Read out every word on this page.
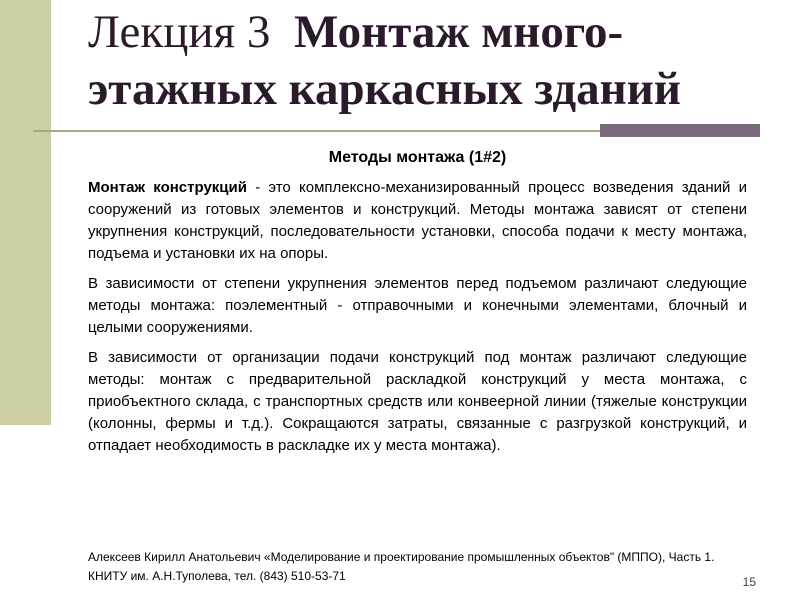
Лекция 3 Монтаж много-
этажных каркасных зданий
Методы монтажа (1#2)

Монтаж конструкций - это комплексно-механизированный процесс возведения зданий и сооружений из готовых элементов и конструкций. Методы монтажа зависят от степени укрупнения конструкций, последовательности установки, способа подачи к месту монтажа, подъема и установки их на опоры.

В зависимости от степени укрупнения элементов перед подъемом различают следующие методы монтажа: поэлементный - отправочными и конечными элементами, блочный и целыми сооружениями.

В зависимости от организации подачи конструкций под монтаж различают следующие методы: монтаж с предварительной раскладкой конструкций у места монтажа, с приобъектного склада, с транспортных средств или конвеерной линии (тяжелые конструкции (колонны, фермы и т.д.). Сокращаются затраты, связанные с разгрузкой конструкций, и отпадает необходимость в раскладке их у места монтажа).

Алексеев Кирилл Анатольевич «Моделирование и проектирование промышленных объектов" (МППО), Часть 1.
КНИТУ им. А.Н.Туполева, тел. (843) 510-53-71	15
